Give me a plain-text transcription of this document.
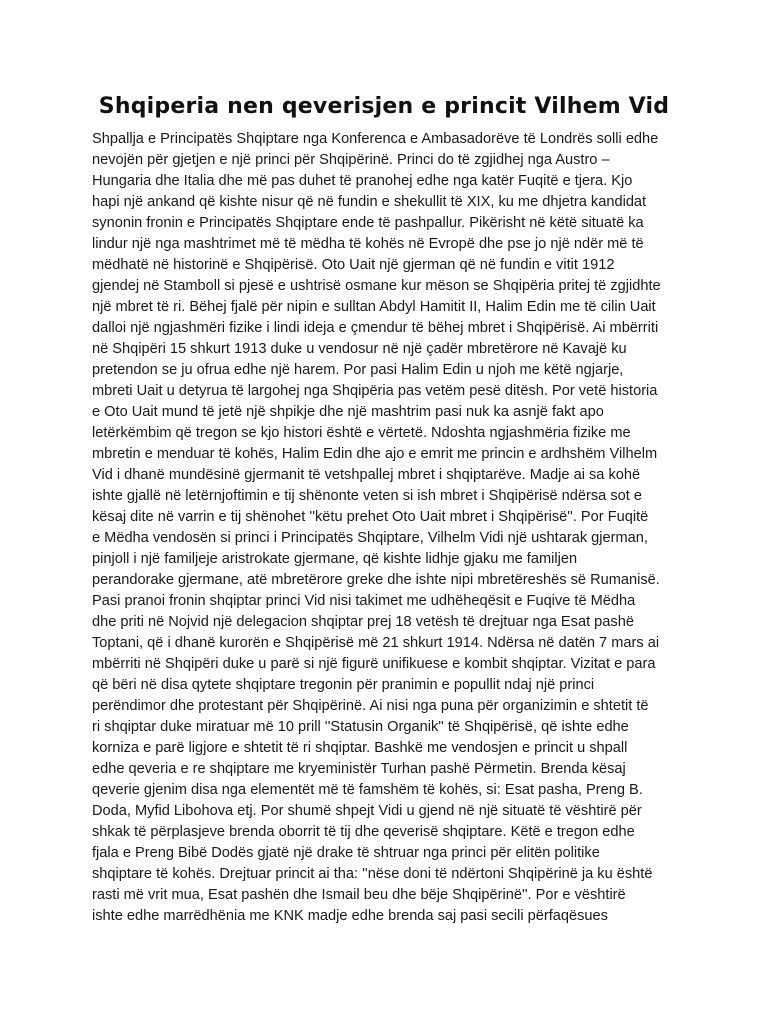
Shqiperia nen qeverisjen e princit Vilhem Vid
Shpallja e Principatës Shqiptare nga Konferenca e Ambasadorëve të Londrës solli edhe
nevojën për gjetjen e një princi për Shqipërinë. Princi do të zgjidhej nga Austro –
Hungaria dhe Italia dhe më pas duhet të pranohej edhe nga katër Fuqitë e tjera. Kjo
hapi një ankand që kishte nisur që në fundin e shekullit të XIX, ku me dhjetra kandidat
synonin fronin e Principatës Shqiptare ende të pashpallur. Pikërisht në këtë situatë ka
lindur një nga mashtrimet më të mëdha të kohës në Evropë dhe pse jo një ndër më të
mëdhatë në historinë e Shqipërisë. Oto Uait një gjerman që në fundin e vitit 1912
gjendej në Stamboll si pjesë e ushtrisë osmane kur mëson se Shqipëria pritej të zgjidhte
një mbret të ri. Bëhej fjalë për nipin e sulltan Abdyl Hamitit II, Halim Edin me të cilin Uait
dalloi një ngjashmëri fizike i lindi ideja e çmendur të bëhej mbret i Shqipërisë. Ai mbërriti
në Shqipëri 15 shkurt 1913 duke u vendosur në një çadër mbretërore në Kavajë ku
pretendon se ju ofrua edhe një harem. Por pasi Halim Edin u njoh me këtë ngjarje,
mbreti Uait u detyrua të largohej nga Shqipëria pas vetëm pesë ditësh. Por vetë historia
e Oto Uait mund të jetë një shpikje dhe një mashtrim pasi nuk ka asnjë fakt apo
letërkëmbim që tregon se kjo histori është e vërtetë. Ndoshta ngjashmëria fizike me
mbretin e menduar të kohës, Halim Edin dhe ajo e emrit me princin e ardhshëm Vilhelm
Vid i dhanë mundësinë gjermanit të vetshpallej mbret i shqiptarëve. Madje ai sa kohë
ishte gjallë në letërnjoftimin e tij shënonte veten si ish mbret i Shqipërisë ndërsa sot e
kësaj dite në varrin e tij shënohet ''këtu prehet Oto Uait mbret i Shqipërisë''. Por Fuqitë
e Mëdha vendosën si princi i Principatës Shqiptare, Vilhelm Vidi një ushtarak gjerman,
pinjoll i një familjeje aristrokate gjermane, që kishte lidhje gjaku me familjen
perandorake gjermane, atë mbretërore greke dhe ishte nipi mbretëreshës së Rumanisë.
Pasi pranoi fronin shqiptar princi Vid nisi takimet me udhëheqësit e Fuqive të Mëdha
dhe priti në Nojvid një delegacion shqiptar prej 18 vetësh të drejtuar nga Esat pashë
Toptani, që i dhanë kurorën e Shqipërisë më 21 shkurt 1914. Ndërsa në datën 7 mars ai
mbërriti në Shqipëri duke u parë si një figurë unifikuese e kombit shqiptar. Vizitat e para
që bëri në disa qytete shqiptare tregonin për pranimin e popullit ndaj një princi
perëndimor dhe protestant për Shqipërinë. Ai nisi nga puna për organizimin e shtetit të
ri shqiptar duke miratuar më 10 prill ''Statusin Organik'' të Shqipërisë, që ishte edhe
korniza e parë ligjore e shtetit të ri shqiptar. Bashkë me vendosjen e princit u shpall
edhe qeveria e re shqiptare me kryeministër Turhan pashë Përmetin. Brenda kësaj
qeverie gjenim disa nga elementët më të famshëm të kohës, si: Esat pasha, Preng B.
Doda, Myfid Libohova etj. Por shumë shpejt Vidi u gjend në një situatë të vështirë për
shkak të përplasjeve brenda oborrit të tij dhe qeverisë shqiptare. Këtë e tregon edhe
fjala e Preng Bibë Dodës gjatë një drake të shtruar nga princi për elitën politike
shqiptare të kohës. Drejtuar princit ai tha: ''nëse doni të ndërtoni Shqipërinë ja ku është
rasti më vrit mua, Esat pashën dhe Ismail beu dhe bëje Shqipërinë''. Por e vështirë
ishte edhe marrëdhënia me KNK madje edhe brenda saj pasi secili përfaqësues
